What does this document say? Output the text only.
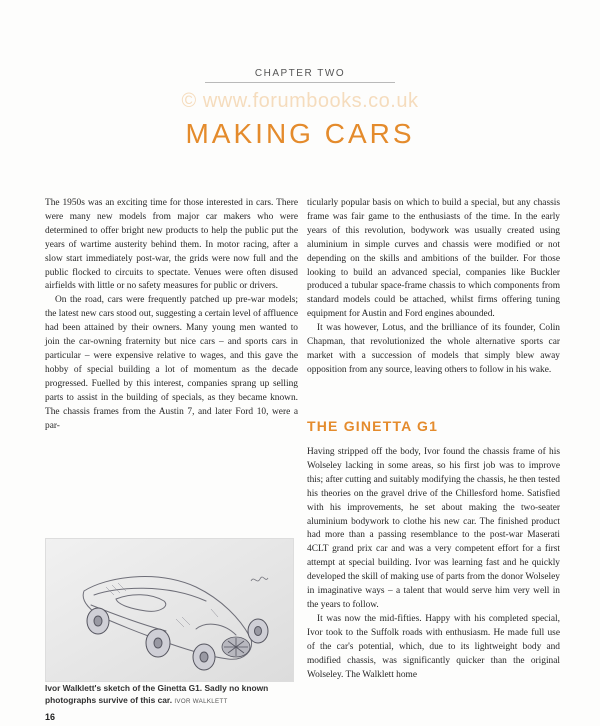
CHAPTER TWO
© www.forumbooks.co.uk
MAKING CARS

The 1950s was an exciting time for those interested in cars. There were many new models from major car makers who were determined to offer bright new products to help the public put the years of wartime austerity behind them. In motor racing, after a slow start immediately post-war, the grids were now full and the public flocked to circuits to spectate. Venues were often disused airfields with little or no safety measures for public or drivers.

On the road, cars were frequently patched up pre-war models; the latest new cars stood out, suggesting a certain level of affluence had been attained by their owners. Many young men wanted to join the car-owning fraternity but nice cars – and sports cars in particular – were expensive relative to wages, and this gave the hobby of special building a lot of momentum as the decade progressed. Fuelled by this interest, companies sprang up selling parts to assist in the building of specials, as they became known. The chassis frames from the Austin 7, and later Ford 10, were a par-

ticularly popular basis on which to build a special, but any chassis frame was fair game to the enthusiasts of the time. In the early years of this revolution, bodywork was usually created using aluminium in simple curves and chassis were modified or not depending on the skills and ambitions of the builder. For those looking to build an advanced special, companies like Buckler produced a tubular space-frame chassis to which components from standard models could be attached, whilst firms offering tuning equipment for Austin and Ford engines abounded.

It was however, Lotus, and the brilliance of its founder, Colin Chapman, that revolutionized the whole alternative sports car market with a succession of models that simply blew away opposition from any source, leaving others to follow in his wake.

THE GINETTA G1

Having stripped off the body, Ivor found the chassis frame of his Wolseley lacking in some areas, so his first job was to improve this; after cutting and suitably modifying the chassis, he then tested his theories on the gravel drive of the Chillesford home. Satisfied with his improvements, he set about making the two-seater aluminium bodywork to clothe his new car. The finished product had more than a passing resemblance to the post-war Maserati 4CLT grand prix car and was a very competent effort for a first attempt at special building. Ivor was learning fast and he quickly developed the skill of making use of parts from the donor Wolseley in imaginative ways – a talent that would serve him very well in the years to follow.

It was now the mid-fifties. Happy with his completed special, Ivor took to the Suffolk roads with enthusiasm. He made full use of the car's potential, which, due to its lightweight body and modified chassis, was significantly quicker than the original Wolseley. The Walklett home

Ivor Walklett's sketch of the Ginetta G1. Sadly no known photographs survive of this car. IVOR WALKLETT
16
